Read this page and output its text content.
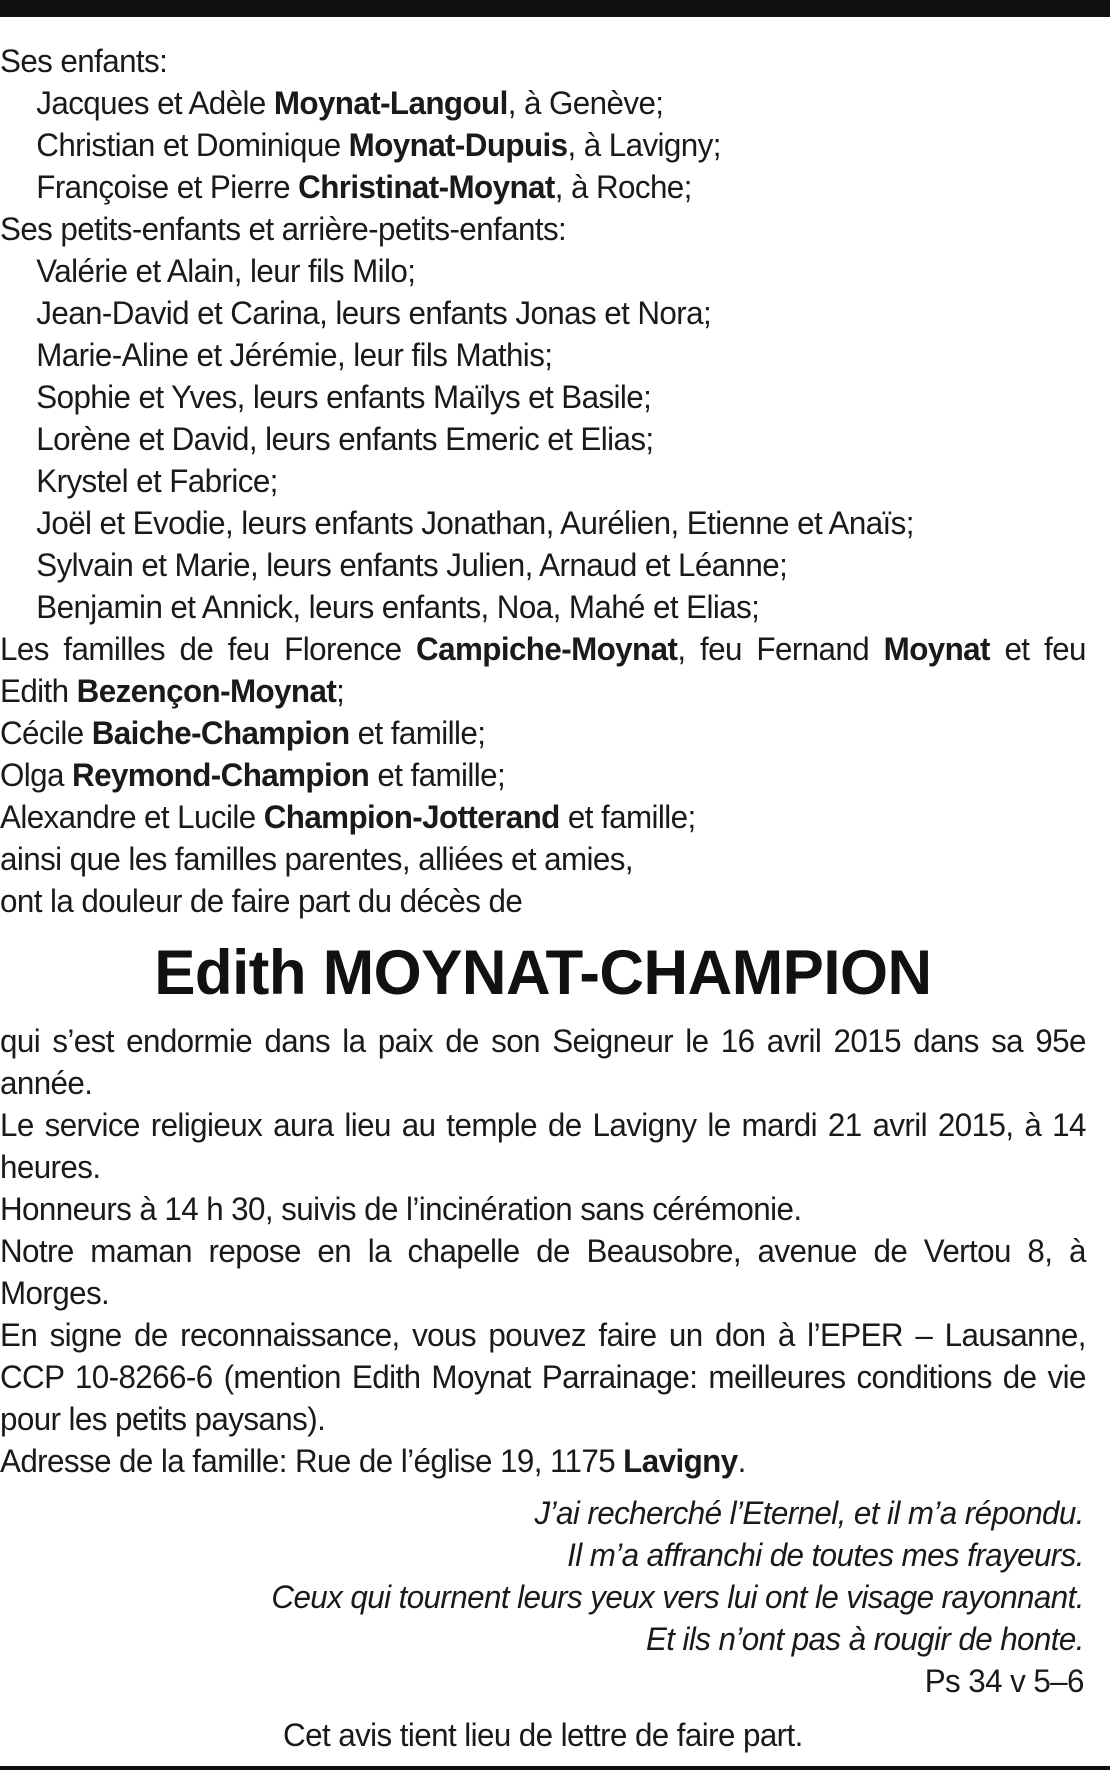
Ses enfants:
Jacques et Adèle Moynat-Langoul, à Genève;
Christian et Dominique Moynat-Dupuis, à Lavigny;
Françoise et Pierre Christinat-Moynat, à Roche;
Ses petits-enfants et arrière-petits-enfants:
Valérie et Alain, leur fils Milo;
Jean-David et Carina, leurs enfants Jonas et Nora;
Marie-Aline et Jérémie, leur fils Mathis;
Sophie et Yves, leurs enfants Maïlys et Basile;
Lorène et David, leurs enfants Emeric et Elias;
Krystel et Fabrice;
Joël et Evodie, leurs enfants Jonathan, Aurélien, Etienne et Anaïs;
Sylvain et Marie, leurs enfants Julien, Arnaud et Léanne;
Benjamin et Annick, leurs enfants, Noa, Mahé et Elias;
Les familles de feu Florence Campiche-Moynat, feu Fernand Moynat et feu Edith Bezençon-Moynat;
Cécile Baiche-Champion et famille;
Olga Reymond-Champion et famille;
Alexandre et Lucile Champion-Jotterand et famille;
ainsi que les familles parentes, alliées et amies,
ont la douleur de faire part du décès de
Edith MOYNAT-CHAMPION
qui s’est endormie dans la paix de son Seigneur le 16 avril 2015 dans sa 95e année.
Le service religieux aura lieu au temple de Lavigny le mardi 21 avril 2015, à 14 heures.
Honneurs à 14 h 30, suivis de l’incinération sans cérémonie.
Notre maman repose en la chapelle de Beausobre, avenue de Vertou 8, à Morges.
En signe de reconnaissance, vous pouvez faire un don à l’EPER – Lausanne, CCP 10-8266-6 (mention Edith Moynat Parrainage: meilleures conditions de vie pour les petits paysans).
Adresse de la famille: Rue de l’église 19, 1175 Lavigny.
J’ai recherché l’Eternel, et il m’a répondu.
Il m’a affranchi de toutes mes frayeurs.
Ceux qui tournent leurs yeux vers lui ont le visage rayonnant.
Et ils n’ont pas à rougir de honte.
Ps 34 v 5–6
Cet avis tient lieu de lettre de faire part.
